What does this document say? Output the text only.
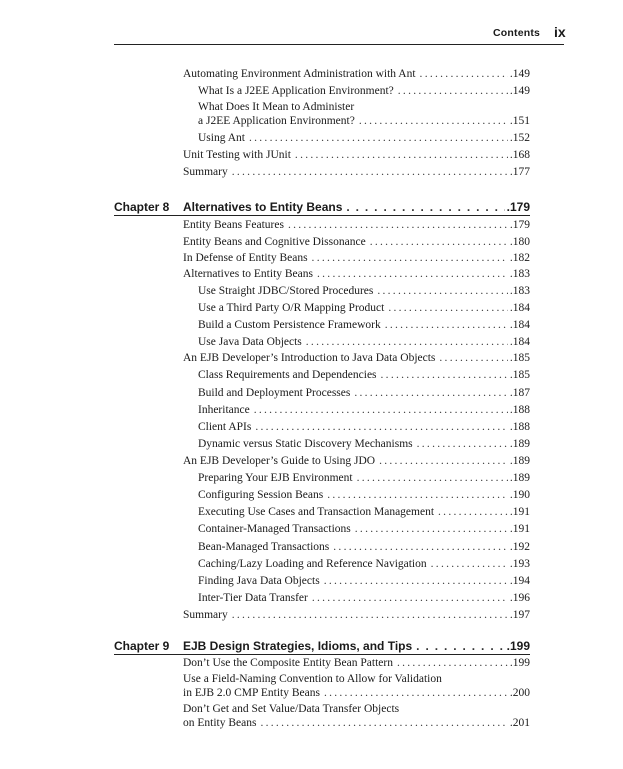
Contents ix
Automating Environment Administration with Ant . . .	.149
What Is a J2EE Application Environment? . . .	.149
What Does It Mean to Administer
a J2EE Application Environment? . . .	.151
Using Ant . . .	.152
Unit Testing with JUnit . . .	.168
Summary . . .	.177
Chapter 8 Alternatives to Entity Beans . . .	.179
Entity Beans Features . . .	.179
Entity Beans and Cognitive Dissonance . . .	.180
In Defense of Entity Beans . . .	.182
Alternatives to Entity Beans . . .	.183
Use Straight JDBC/Stored Procedures . . .	.183
Use a Third Party O/R Mapping Product . . .	.184
Build a Custom Persistence Framework . . .	.184
Use Java Data Objects . . .	.184
An EJB Developer’s Introduction to Java Data Objects . . .	.185
Class Requirements and Dependencies . . .	.185
Build and Deployment Processes . . .	.187
Inheritance . . .	.188
Client APIs . . .	.188
Dynamic versus Static Discovery Mechanisms . . .	.189
An EJB Developer’s Guide to Using JDO . . .	.189
Preparing Your EJB Environment . . .	.189
Configuring Session Beans . . .	.190
Executing Use Cases and Transaction Management . . .	.191
Container-Managed Transactions . . .	.191
Bean-Managed Transactions . . .	.192
Caching/Lazy Loading and Reference Navigation . . .	.193
Finding Java Data Objects . . .	.194
Inter-Tier Data Transfer . . .	.196
Summary . . .	.197
Chapter 9 EJB Design Strategies, Idioms, and Tips . . .	.199
Don’t Use the Composite Entity Bean Pattern . . .	.199
Use a Field-Naming Convention to Allow for Validation
in EJB 2.0 CMP Entity Beans . . .	.200
Don’t Get and Set Value/Data Transfer Objects
on Entity Beans . . .	.201
